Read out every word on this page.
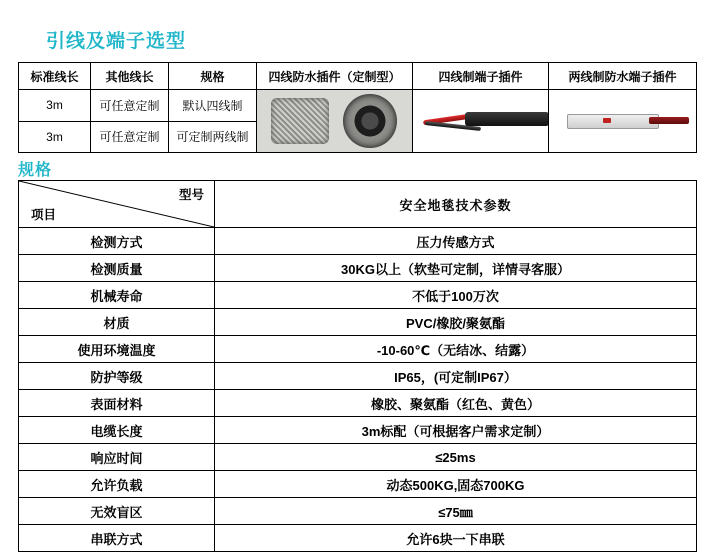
引线及端子选型
标准线长	其他线长	规格	四线防水插件（定制型）	四线制端子插件	两线制防水端子插件
3m	可任意定制	默认四线制	

3m	可任意定制	可定制两线制			
规格
型号
项目	安全地毯技术参数
检测方式	压力传感方式
检测质量	30KG以上（软垫可定制，详情寻客服）
机械寿命	不低于100万次
材质	PVC/橡胶/聚氨酯
使用环境温度	-10-60℃（无结冰、结露）
防护等级	IP65，(可定制IP67）
表面材料	橡胶、聚氨酯（红色、黄色）
电缆长度	3m标配（可根据客户需求定制）
响应时间	≤25ms
允许负载	动态500KG,固态700KG
无效盲区	≤75㎜
串联方式	允许6块一下串联
